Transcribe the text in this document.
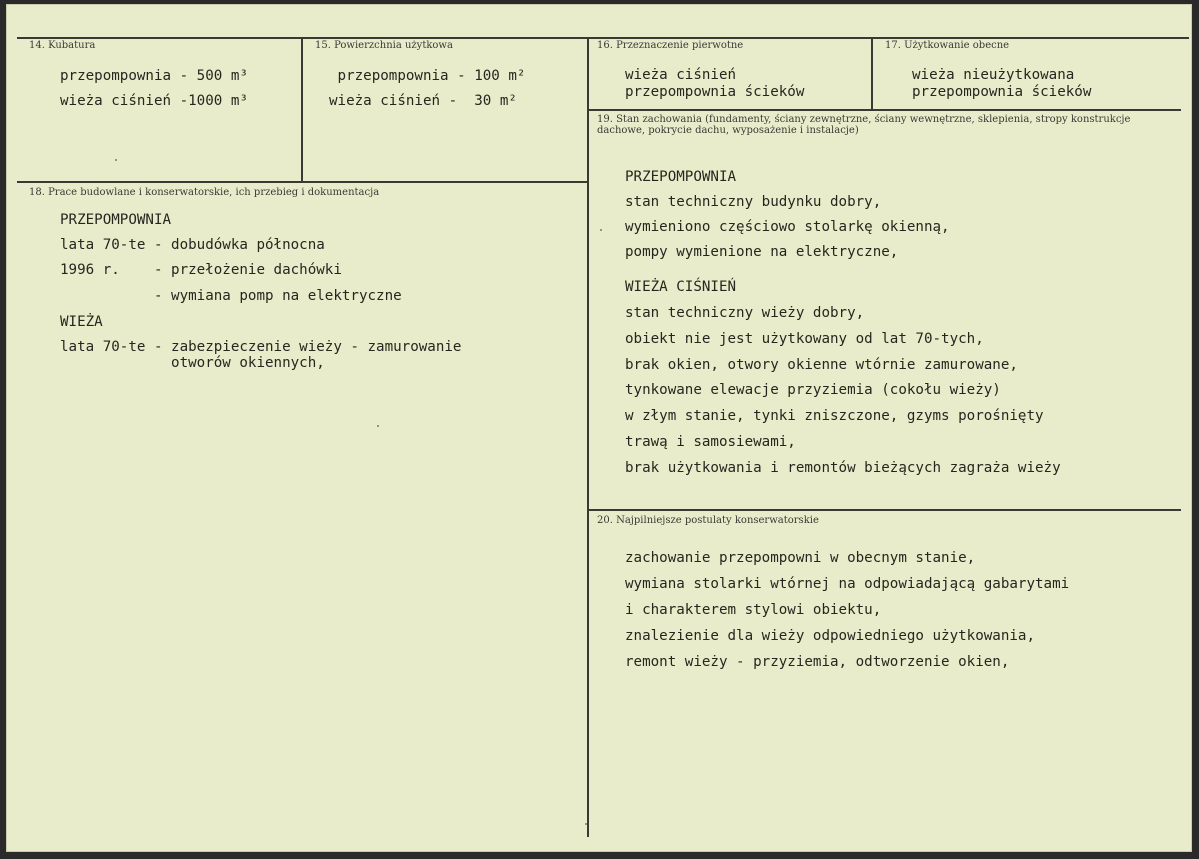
14. Kubatura
przepompownia - 500 m³
wieża ciśnień -1000 m³
15. Powierzchnia użytkowa
przepompownia - 100 m²
wieża ciśnień -  30 m²
16. Przeznaczenie pierwotne
wieża ciśnień
przepompownia ścieków
17. Użytkowanie obecne
wieża nieużytkowana
przepompownia ścieków
18. Prace budowlane i konserwatorskie, ich przebieg i dokumentacja
PRZEPOMPOWNIA
lata 70-te - dobudówka północna
1996 r.    - przełożenie dachówki
- wymiana pomp na elektryczne
WIEŻA
lata 70-te - zabezpieczenie wieży - zamurowanie
otworów okiennych,
19. Stan zachowania (fundamenty, ściany zewnętrzne, ściany wewnętrzne, sklepienia, stropy konstrukcje dachowe, pokrycie dachu, wyposażenie i instalacje)
PRZEPOMPOWNIA
stan techniczny budynku dobry,
wymieniono częściowo stolarkę okienną,
pompy wymienione na elektryczne,
WIEŻA CIŚNIEŃ
stan techniczny wieży dobry,
obiekt nie jest użytkowany od lat 70-tych,
brak okien, otwory okienne wtórnie zamurowane,
tynkowane elewacje przyziemia (cokołu wieży)
w złym stanie, tynki zniszczone, gzyms porośnięty
trawą i samosiewami,
brak użytkowania i remontów bieżących zagraża wieży
20. Najpilniejsze postulaty konserwatorskie
zachowanie przepompowni w obecnym stanie,
wymiana stolarki wtórnej na odpowiadającą gabarytami
i charakterem stylowi obiektu,
znalezienie dla wieży odpowiedniego użytkowania,
remont wieży - przyziemia, odtworzenie okien,
